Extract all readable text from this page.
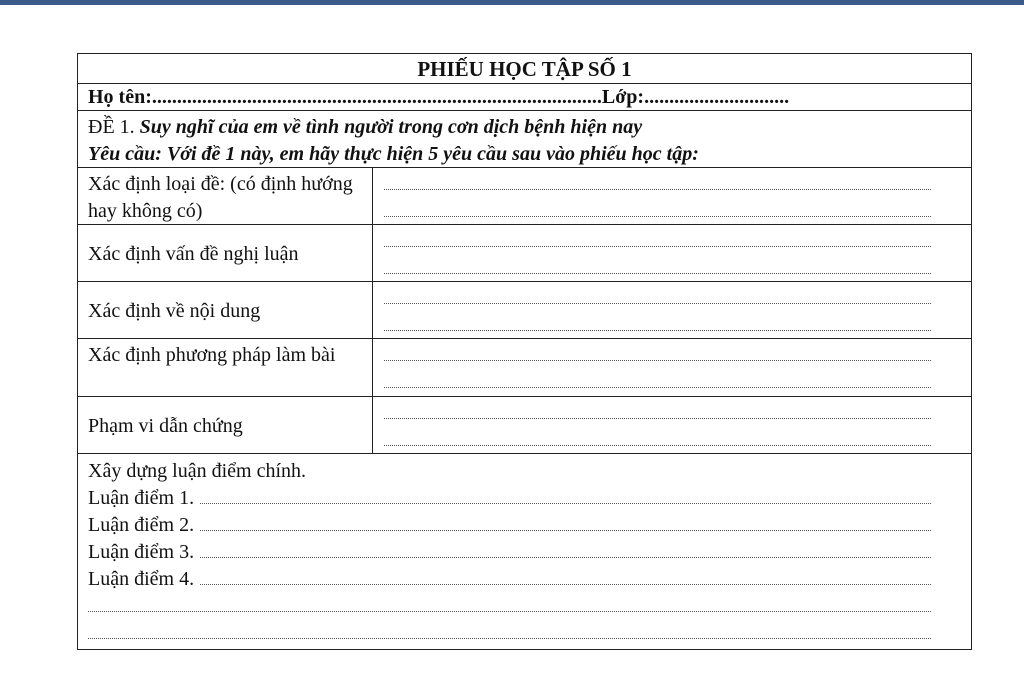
PHIẾU HỌC TẬP SỐ 1
Họ tên:..........................................................................................Lớp:.............................
ĐỀ 1. Suy nghĩ của em về tình người trong cơn dịch bệnh hiện nay
Yêu cầu: Với đề 1 này, em hãy thực hiện 5 yêu cầu sau vào phiếu học tập:
Xác định loại đề: (có định hướng hay không có)
Xác định vấn đề nghị luận
Xác định về nội dung
Xác định phương pháp làm bài
Phạm vi dẫn chứng
Xây dựng luận điểm chính.
Luận điểm 1.
Luận điểm 2.
Luận điểm 3.
Luận điểm 4.
